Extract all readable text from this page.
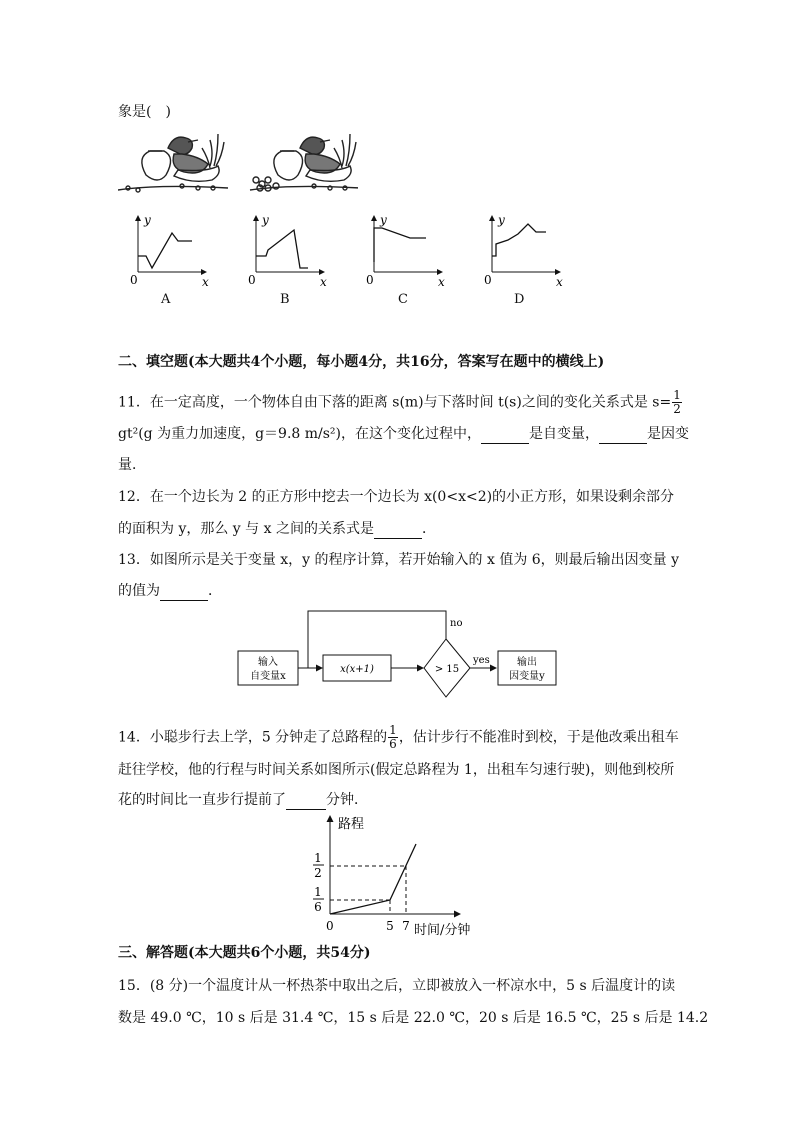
象是(　)
y
x
0
y
x
0
y
x
0
y
x
0
A	B	C	D
二、填空题(本大题共4个小题，每小题4分，共16分，答案写在题中的横线上)
11．在一定高度，一个物体自由下落的距离 s(m)与下落时间 t(s)之间的变化关系式是 $s= \frac{1}{2}$
gt²(g 为重力加速度，g＝9.8 m/s²)，在这个变化过程中，	是自变量，	是因变
量．
12．在一个边长为 2 的正方形中挖去一个边长为 x(0<x<2)的小正方形，如果设剩余部分
的面积为 y，那么 y 与 x 之间的关系式是	．
13．如图所示是关于变量 x，y 的程序计算，若开始输入的 x 值为 6，则最后输出因变量 y
的值为	．
输入
自变量x
x(x+1)	> 15
no
yes	输出
因变量y
14．小聪步行去上学，5 分钟走了总路程的 $\frac{1}{6}$ ，估计步行不能准时到校，于是他改乘出租车
赶往学校，他的行程与时间关系如图所示(假定总路程为 1，出租车匀速行驶)，则他到校所
花的时间比一直步行提前了	分钟．
路程
时间/分钟
0
1
2
1
6
5 7
三、解答题(本大题共6个小题，共54分)
15．(8 分)一个温度计从一杯热茶中取出之后，立即被放入一杯凉水中，5 s 后温度计的读
数是 49.0 ℃，10 s 后是 31.4 ℃，15 s 后是 22.0 ℃，20 s 后是 16.5 ℃，25 s 后是 14.2
